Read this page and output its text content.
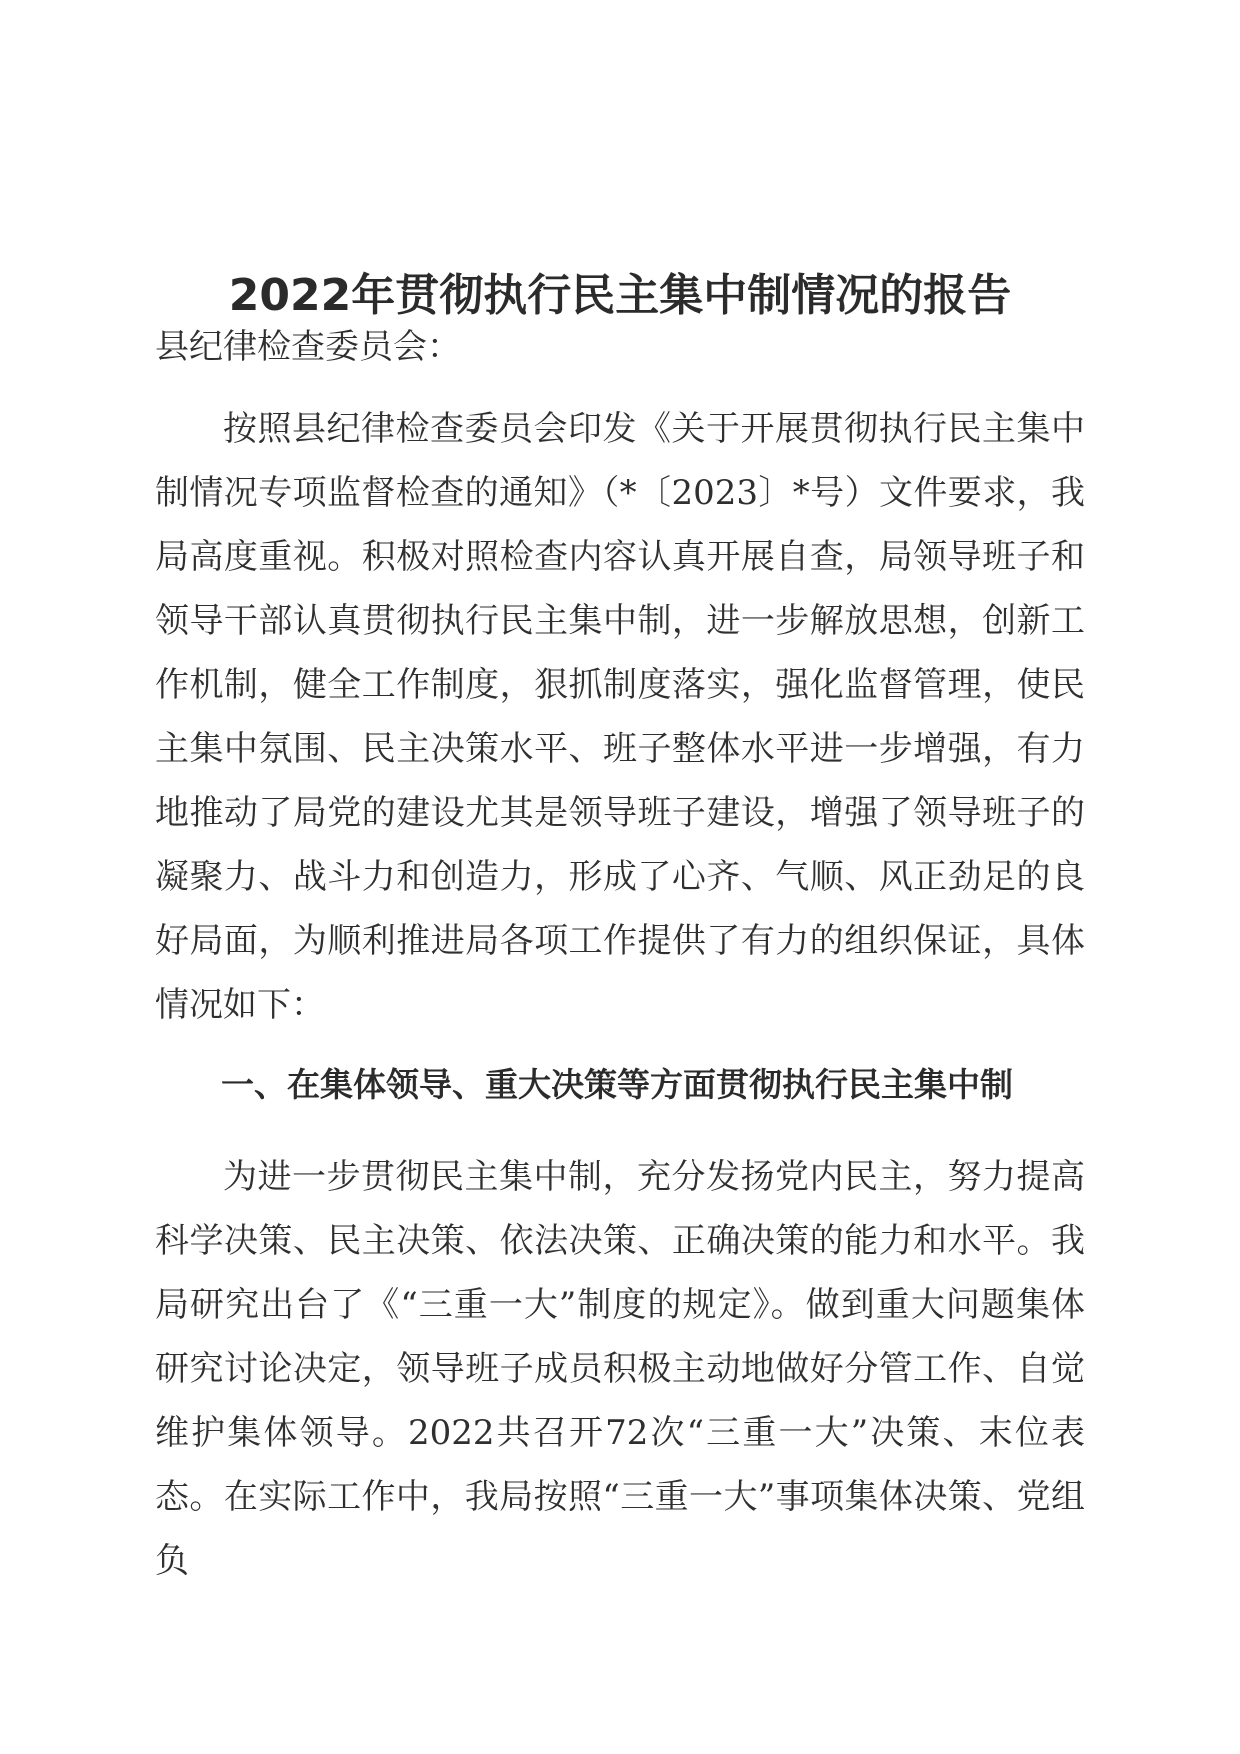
2022年贯彻执行民主集中制情况的报告
县纪律检查委员会：

按照县纪律检查委员会印发《关于开展贯彻执行民主集中制情况专项监督检查的通知》（*〔2023〕*号）文件要求，我局高度重视。积极对照检查内容认真开展自查，局领导班子和领导干部认真贯彻执行民主集中制，进一步解放思想，创新工作机制，健全工作制度，狠抓制度落实，强化监督管理，使民主集中氛围、民主决策水平、班子整体水平进一步增强，有力地推动了局党的建设尤其是领导班子建设，增强了领导班子的凝聚力、战斗力和创造力，形成了心齐、气顺、风正劲足的良好局面，为顺利推进局各项工作提供了有力的组织保证，具体情况如下：

一、在集体领导、重大决策等方面贯彻执行民主集中制

为进一步贯彻民主集中制，充分发扬党内民主，努力提高科学决策、民主决策、依法决策、正确决策的能力和水平。我局研究出台了《“三重一大”制度的规定》。做到重大问题集体研究讨论决定，领导班子成员积极主动地做好分管工作、自觉维护集体领导。2022共召开72次“三重一大”决策、末位表态。在实际工作中，我局按照“三重一大”事项集体决策、党组负
